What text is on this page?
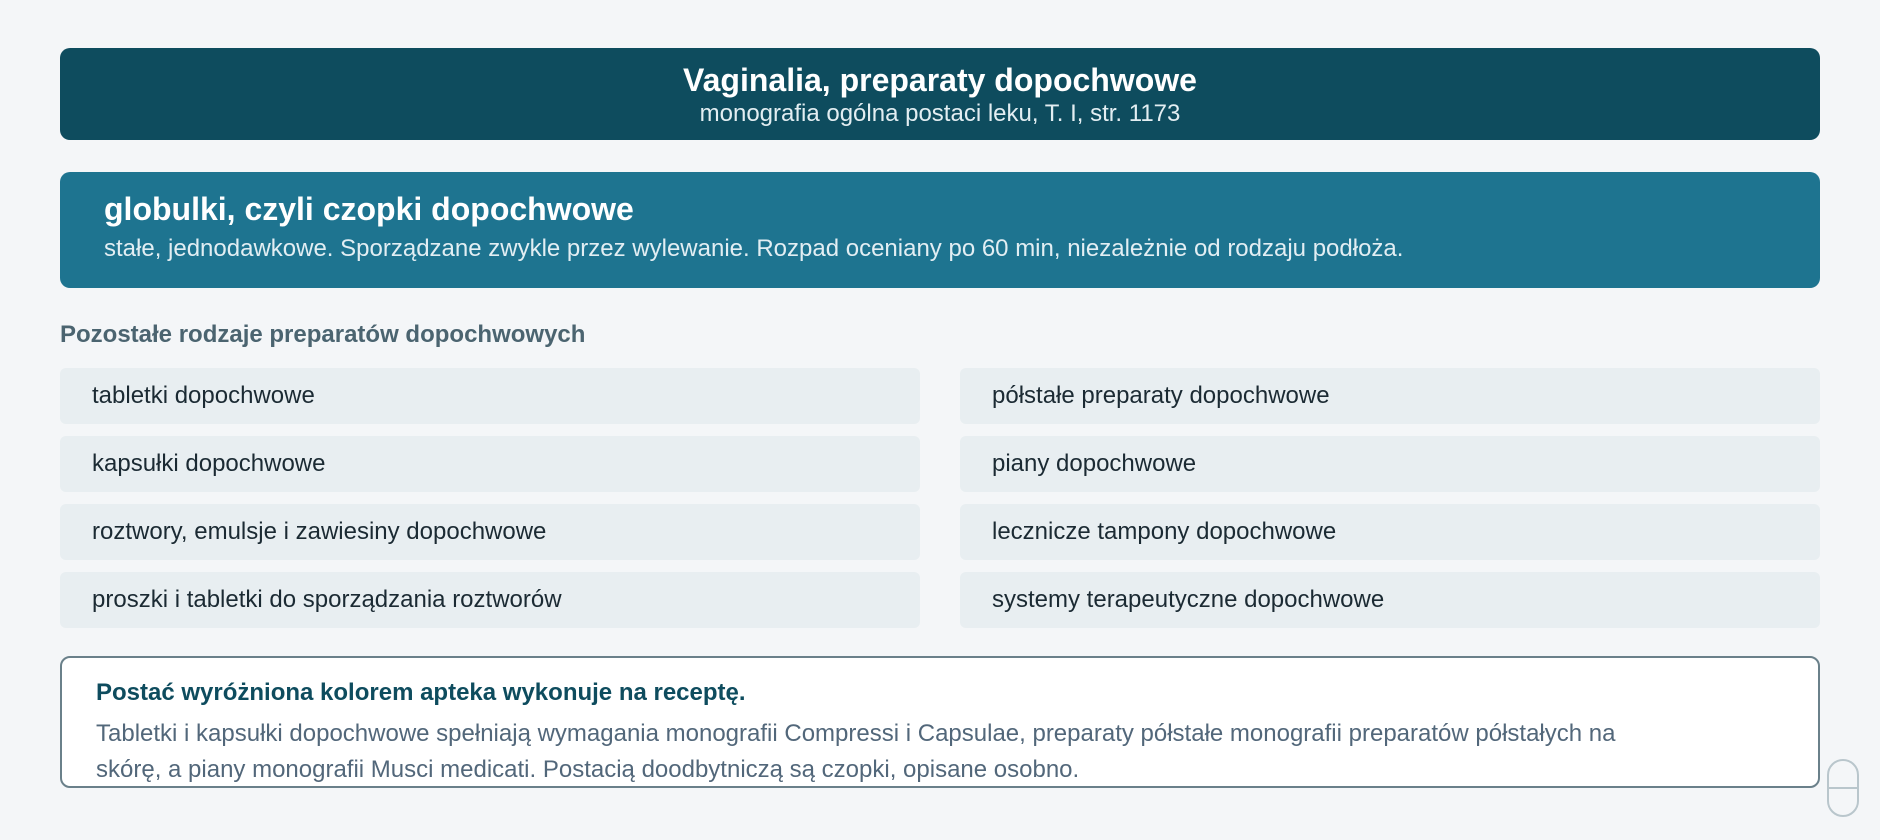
Vaginalia, preparaty dopochwowe
monografia ogólna postaci leku, T. I, str. 1173
globulki, czyli czopki dopochwowe
stałe, jednodawkowe. Sporządzane zwykle przez wylewanie. Rozpad oceniany po 60 min, niezależnie od rodzaju podłoża.
Pozostałe rodzaje preparatów dopochwowych
tabletki dopochwowe	półstałe preparaty dopochwowe
kapsułki dopochwowe	piany dopochwowe
roztwory, emulsje i zawiesiny dopochwowe	lecznicze tampony dopochwowe
proszki i tabletki do sporządzania roztworów	systemy terapeutyczne dopochwowe
Postać wyróżniona kolorem apteka wykonuje na receptę.
Tabletki i kapsułki dopochwowe spełniają wymagania monografii Compressi i Capsulae, preparaty półstałe monografii preparatów półstałych na skórę, a piany monografii Musci medicati. Postacią doodbytniczą są czopki, opisane osobno.
